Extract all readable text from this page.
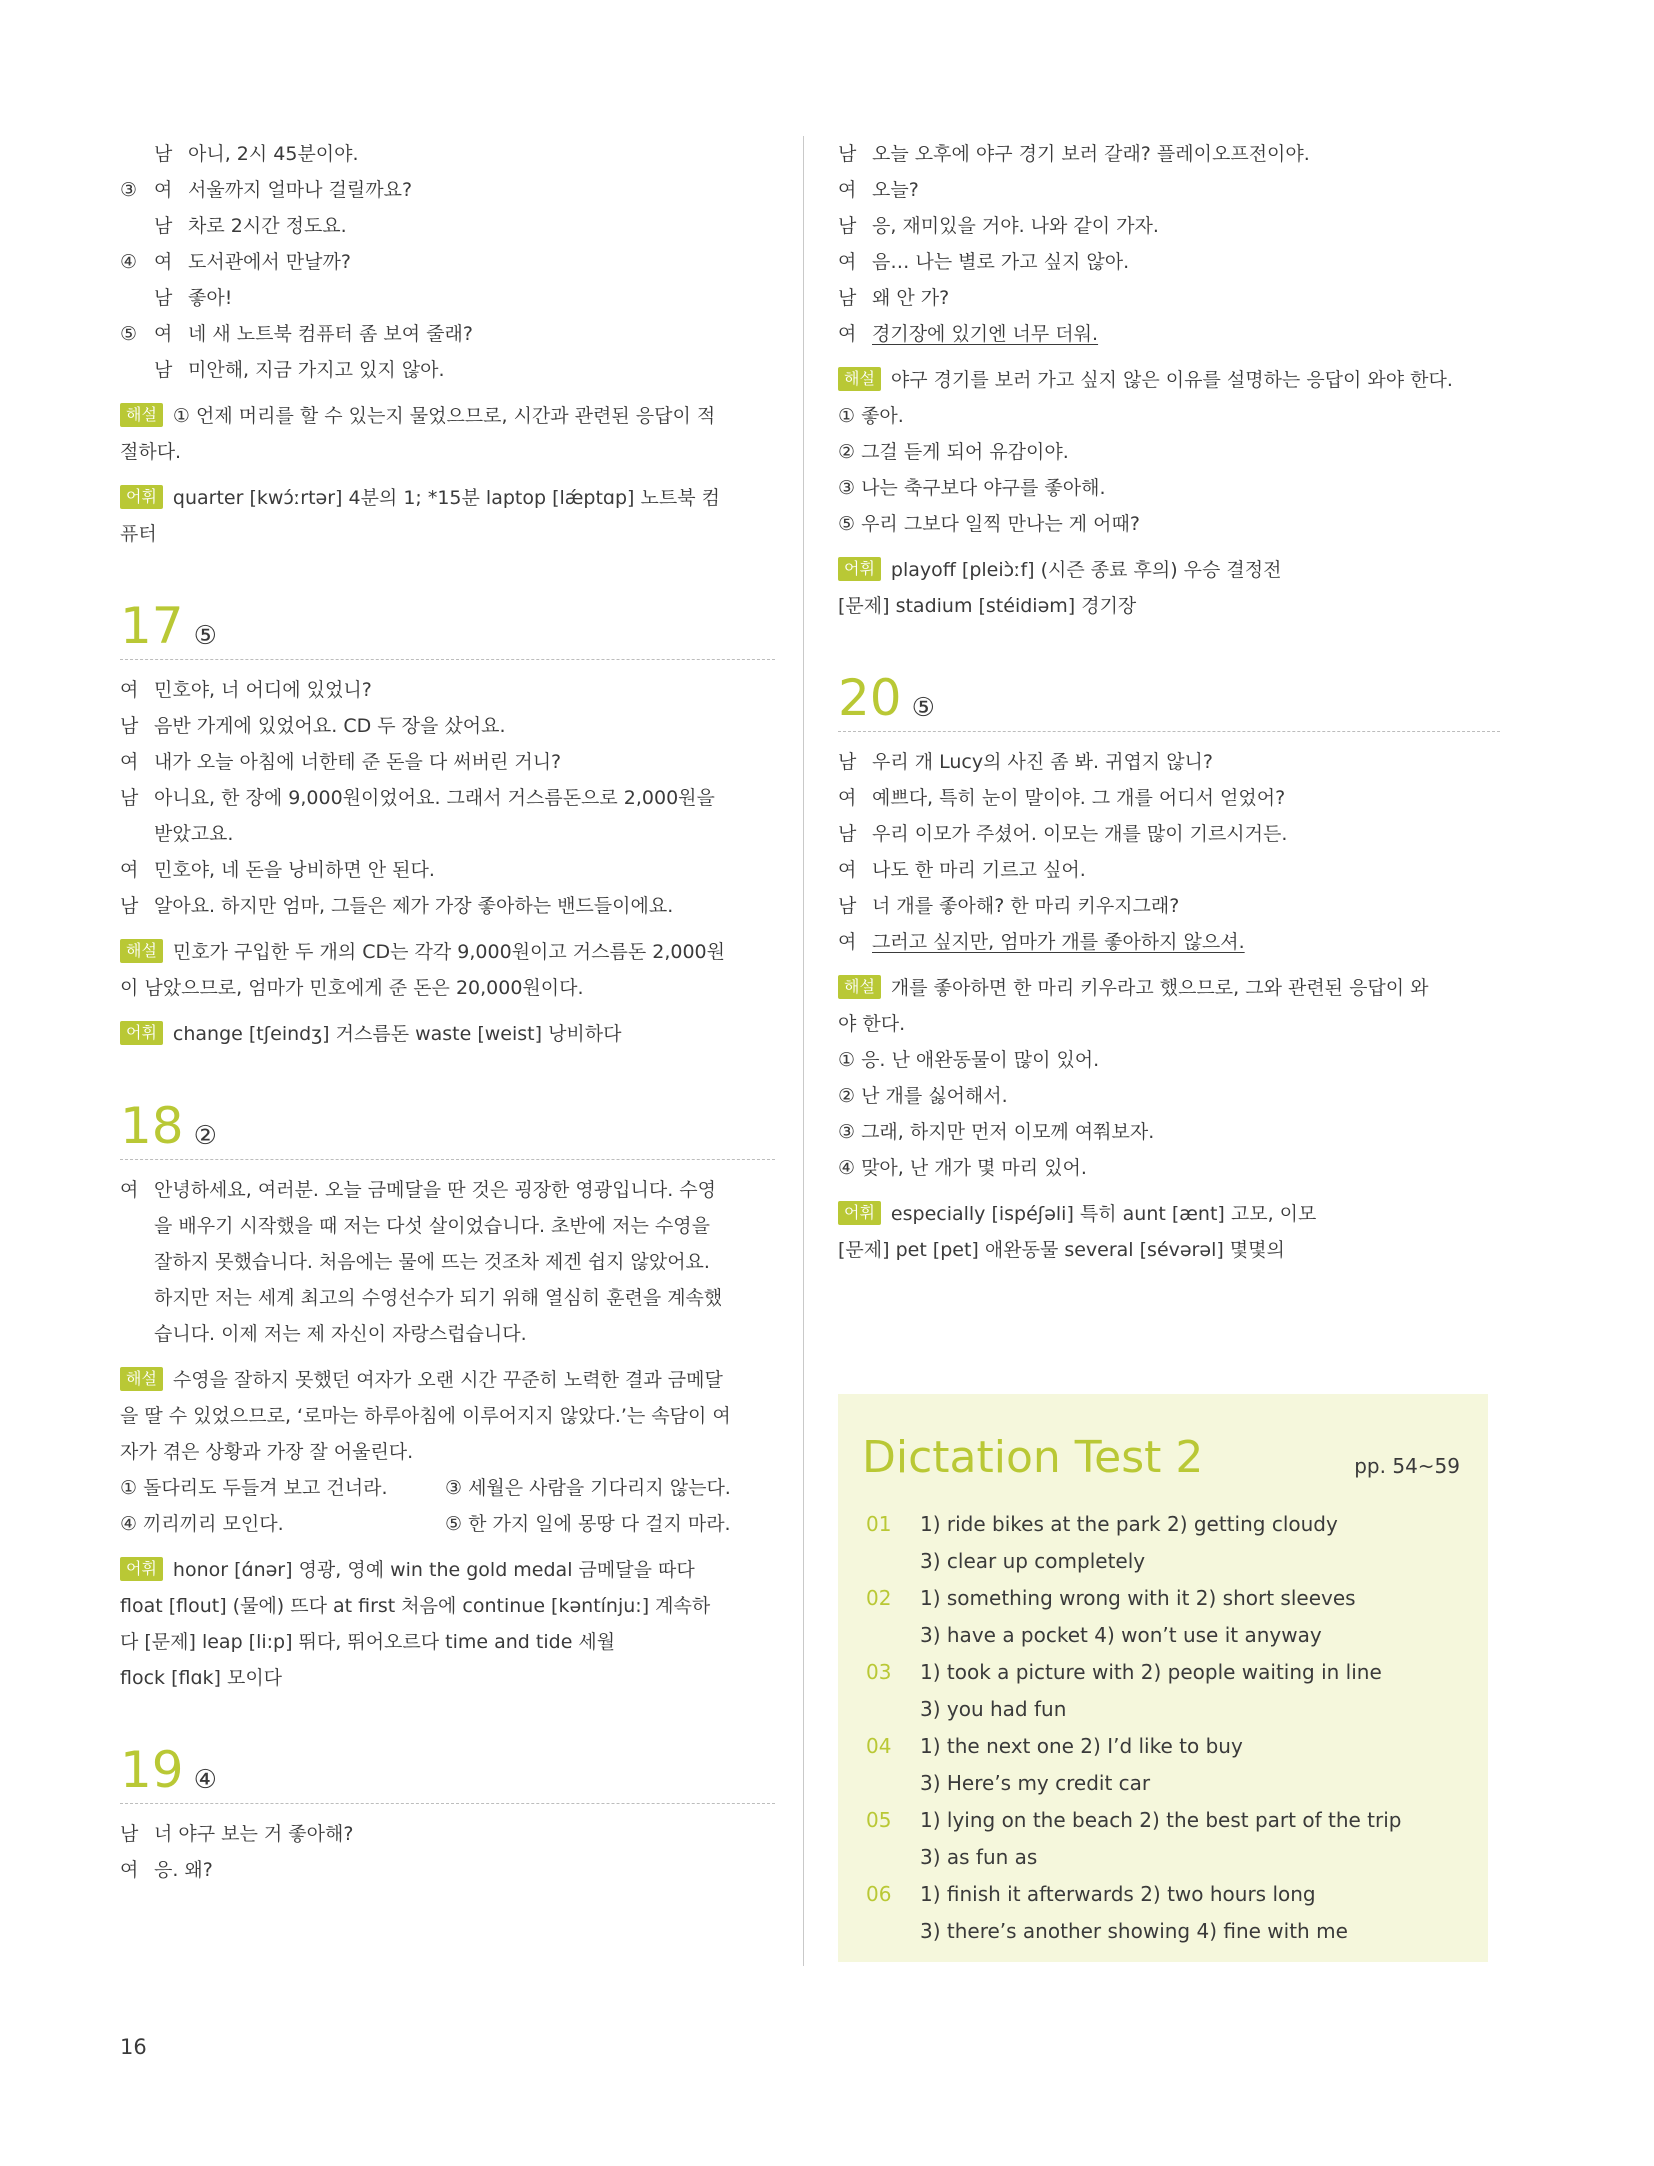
남 아니, 2시 45분이야.
③ 여 서울까지 얼마나 걸릴까요?
남 차로 2시간 정도요.
④ 여 도서관에서 만날까?
남 좋아!
⑤ 여 네 새 노트북 컴퓨터 좀 보여 줄래?
남 미안해, 지금 가지고 있지 않아.
해설 ① 언제 머리를 할 수 있는지 물었으므로, 시간과 관련된 응답이 적
절하다.
어휘 quarter [kwɔ́ːrtər] 4분의 1; *15분 laptop [lǽptɑp] 노트북 컴
퓨터
17 ⑤
여 민호야, 너 어디에 있었니?
남 음반 가게에 있었어요. CD 두 장을 샀어요.
여 내가 오늘 아침에 너한테 준 돈을 다 써버린 거니?
남 아니요, 한 장에 9,000원이었어요. 그래서 거스름돈으로 2,000원을
받았고요.
여 민호야, 네 돈을 낭비하면 안 된다.
남 알아요. 하지만 엄마, 그들은 제가 가장 좋아하는 밴드들이에요.
해설 민호가 구입한 두 개의 CD는 각각 9,000원이고 거스름돈 2,000원
이 남았으므로, 엄마가 민호에게 준 돈은 20,000원이다.
어휘 change [tʃeindʒ] 거스름돈 waste [weist] 낭비하다
18 ②
여 안녕하세요, 여러분. 오늘 금메달을 딴 것은 굉장한 영광입니다. 수영
을 배우기 시작했을 때 저는 다섯 살이었습니다. 초반에 저는 수영을
잘하지 못했습니다. 처음에는 물에 뜨는 것조차 제겐 쉽지 않았어요.
하지만 저는 세계 최고의 수영선수가 되기 위해 열심히 훈련을 계속했
습니다. 이제 저는 제 자신이 자랑스럽습니다.
해설 수영을 잘하지 못했던 여자가 오랜 시간 꾸준히 노력한 결과 금메달
을 딸 수 있었으므로, ‘로마는 하루아침에 이루어지지 않았다.’는 속담이 여
자가 겪은 상황과 가장 잘 어울린다.
① 돌다리도 두들겨 보고 건너라.	③ 세월은 사람을 기다리지 않는다.
④ 끼리끼리 모인다.	⑤ 한 가지 일에 몽땅 다 걸지 마라.
어휘 honor [ɑ́nər] 영광, 영예 win the gold medal 금메달을 따다
float [flout] (물에) 뜨다 at first 처음에 continue [kəntínju:] 계속하
다 [문제] leap [li:p] 뛰다, 뛰어오르다 time and tide 세월
flock [flɑk] 모이다
19 ④
남 너 야구 보는 거 좋아해?
여 응. 왜?
남 오늘 오후에 야구 경기 보러 갈래? 플레이오프전이야.
여 오늘?
남 응, 재미있을 거야. 나와 같이 가자.
여 음… 나는 별로 가고 싶지 않아.
남 왜 안 가?
여 경기장에 있기엔 너무 더워.
해설 야구 경기를 보러 가고 싶지 않은 이유를 설명하는 응답이 와야 한다.
① 좋아.
② 그걸 듣게 되어 유감이야.
③ 나는 축구보다 야구를 좋아해.
⑤ 우리 그보다 일찍 만나는 게 어때?
어휘 playoff [pleiɔ̀ːf] (시즌 종료 후의) 우승 결정전
[문제] stadium [stéidiəm] 경기장
20 ⑤
남 우리 개 Lucy의 사진 좀 봐. 귀엽지 않니?
여 예쁘다, 특히 눈이 말이야. 그 개를 어디서 얻었어?
남 우리 이모가 주셨어. 이모는 개를 많이 기르시거든.
여 나도 한 마리 기르고 싶어.
남 너 개를 좋아해? 한 마리 키우지그래?
여 그러고 싶지만, 엄마가 개를 좋아하지 않으셔.
해설 개를 좋아하면 한 마리 키우라고 했으므로, 그와 관련된 응답이 와
야 한다.
① 응. 난 애완동물이 많이 있어.
② 난 개를 싫어해서.
③ 그래, 하지만 먼저 이모께 여쭤보자.
④ 맞아, 난 개가 몇 마리 있어.
어휘 especially [ispéʃəli] 특히 aunt [ænt] 고모, 이모
[문제] pet [pet] 애완동물 several [sévərəl] 몇몇의
Dictation Test 2	pp. 54~59
01	1) ride bikes at the park 2) getting cloudy
3) clear up completely
02	1) something wrong with it 2) short sleeves
3) have a pocket 4) won’t use it anyway
03	1) took a picture with 2) people waiting in line
3) you had fun
04	1) the next one 2) I’d like to buy
3) Here’s my credit car
05	1) lying on the beach 2) the best part of the trip
3) as fun as
06	1) finish it afterwards 2) two hours long
3) there’s another showing 4) fine with me
16
